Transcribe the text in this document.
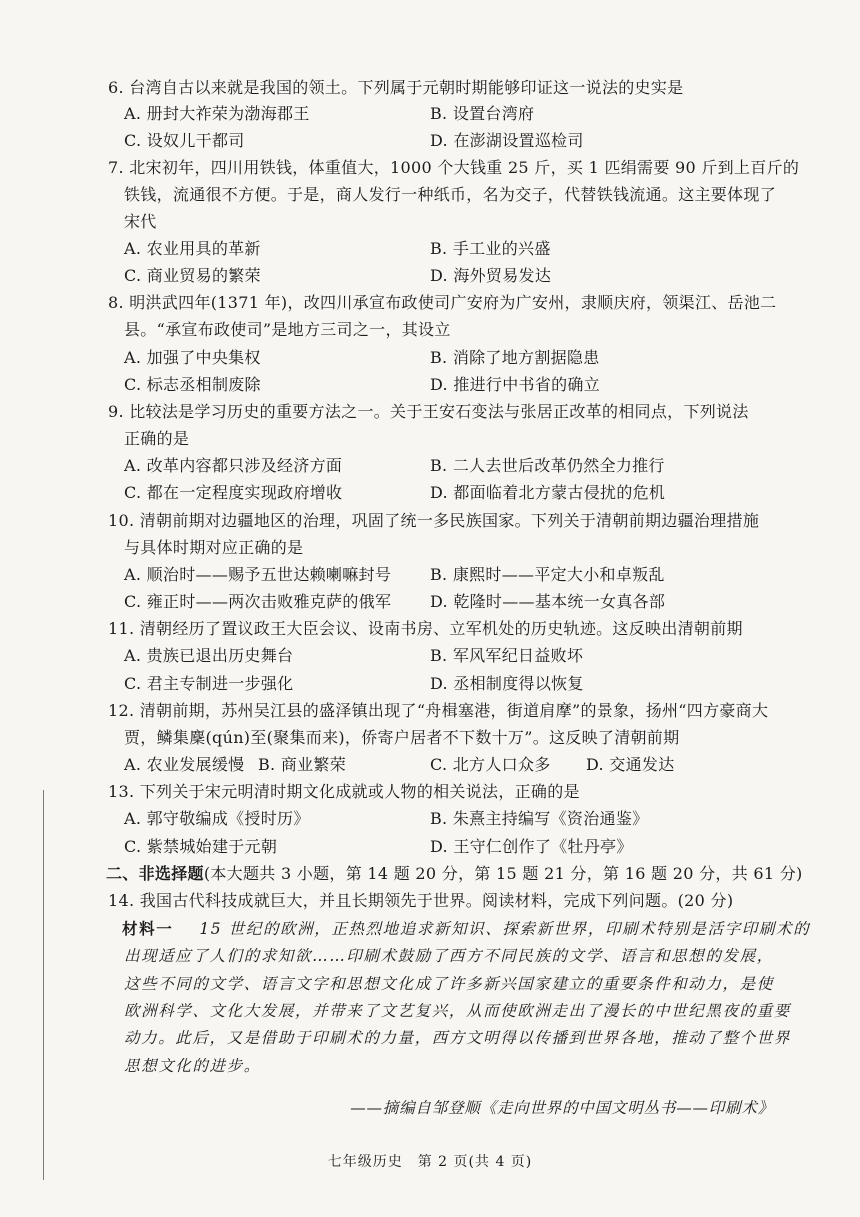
6. 台湾自古以来就是我国的领土。下列属于元朝时期能够印证这一说法的史实是
A. 册封大祚荣为渤海郡王	B. 设置台湾府
C. 设奴儿干都司	D. 在澎湖设置巡检司
7. 北宋初年，四川用铁钱，体重值大，1000 个大钱重 25 斤，买 1 匹绢需要 90 斤到上百斤的
铁钱，流通很不方便。于是，商人发行一种纸币，名为交子，代替铁钱流通。这主要体现了
宋代
A. 农业用具的革新	B. 手工业的兴盛
C. 商业贸易的繁荣	D. 海外贸易发达
8. 明洪武四年(1371 年)，改四川承宣布政使司广安府为广安州，隶顺庆府，领渠江、岳池二
县。“承宣布政使司”是地方三司之一，其设立
A. 加强了中央集权	B. 消除了地方割据隐患
C. 标志丞相制废除	D. 推进行中书省的确立
9. 比较法是学习历史的重要方法之一。关于王安石变法与张居正改革的相同点，下列说法
正确的是
A. 改革内容都只涉及经济方面	B. 二人去世后改革仍然全力推行
C. 都在一定程度实现政府增收	D. 都面临着北方蒙古侵扰的危机
10. 清朝前期对边疆地区的治理，巩固了统一多民族国家。下列关于清朝前期边疆治理措施
与具体时期对应正确的是
A. 顺治时——赐予五世达赖喇嘛封号 B. 康熙时——平定大小和卓叛乱
C. 雍正时——两次击败雅克萨的俄军 D. 乾隆时——基本统一女真各部
11. 清朝经历了置议政王大臣会议、设南书房、立军机处的历史轨迹。这反映出清朝前期
A. 贵族已退出历史舞台	B. 军风军纪日益败坏
C. 君主专制进一步强化	D. 丞相制度得以恢复
12. 清朝前期，苏州吴江县的盛泽镇出现了“舟楫塞港，街道肩摩”的景象，扬州“四方豪商大
贾，鳞集麇(qún)至(聚集而来)，侨寄户居者不下数十万”。这反映了清朝前期
A. 农业发展缓慢 B. 商业繁荣	C. 北方人口众多 D. 交通发达
13. 下列关于宋元明清时期文化成就或人物的相关说法，正确的是
A. 郭守敬编成《授时历》	B. 朱熹主持编写《资治通鉴》
C. 紫禁城始建于元朝	D. 王守仁创作了《牡丹亭》
二、非选择题(本大题共 3 小题，第 14 题 20 分，第 15 题 21 分，第 16 题 20 分，共 61 分)
14. 我国古代科技成就巨大，并且长期领先于世界。阅读材料，完成下列问题。(20 分)
材料一 15 世纪的欧洲，正热烈地追求新知识、探索新世界，印刷术特别是活字印刷术的
出现适应了人们的求知欲……印刷术鼓励了西方不同民族的文学、语言和思想的发展，
这些不同的文学、语言文字和思想文化成了许多新兴国家建立的重要条件和动力，是使
欧洲科学、文化大发展，并带来了文艺复兴，从而使欧洲走出了漫长的中世纪黑夜的重要
动力。此后，又是借助于印刷术的力量，西方文明得以传播到世界各地，推动了整个世界
思想文化的进步。
——摘编自邹登顺《走向世界的中国文明丛书——印刷术》
七年级历史　第 2 页(共 4 页)
